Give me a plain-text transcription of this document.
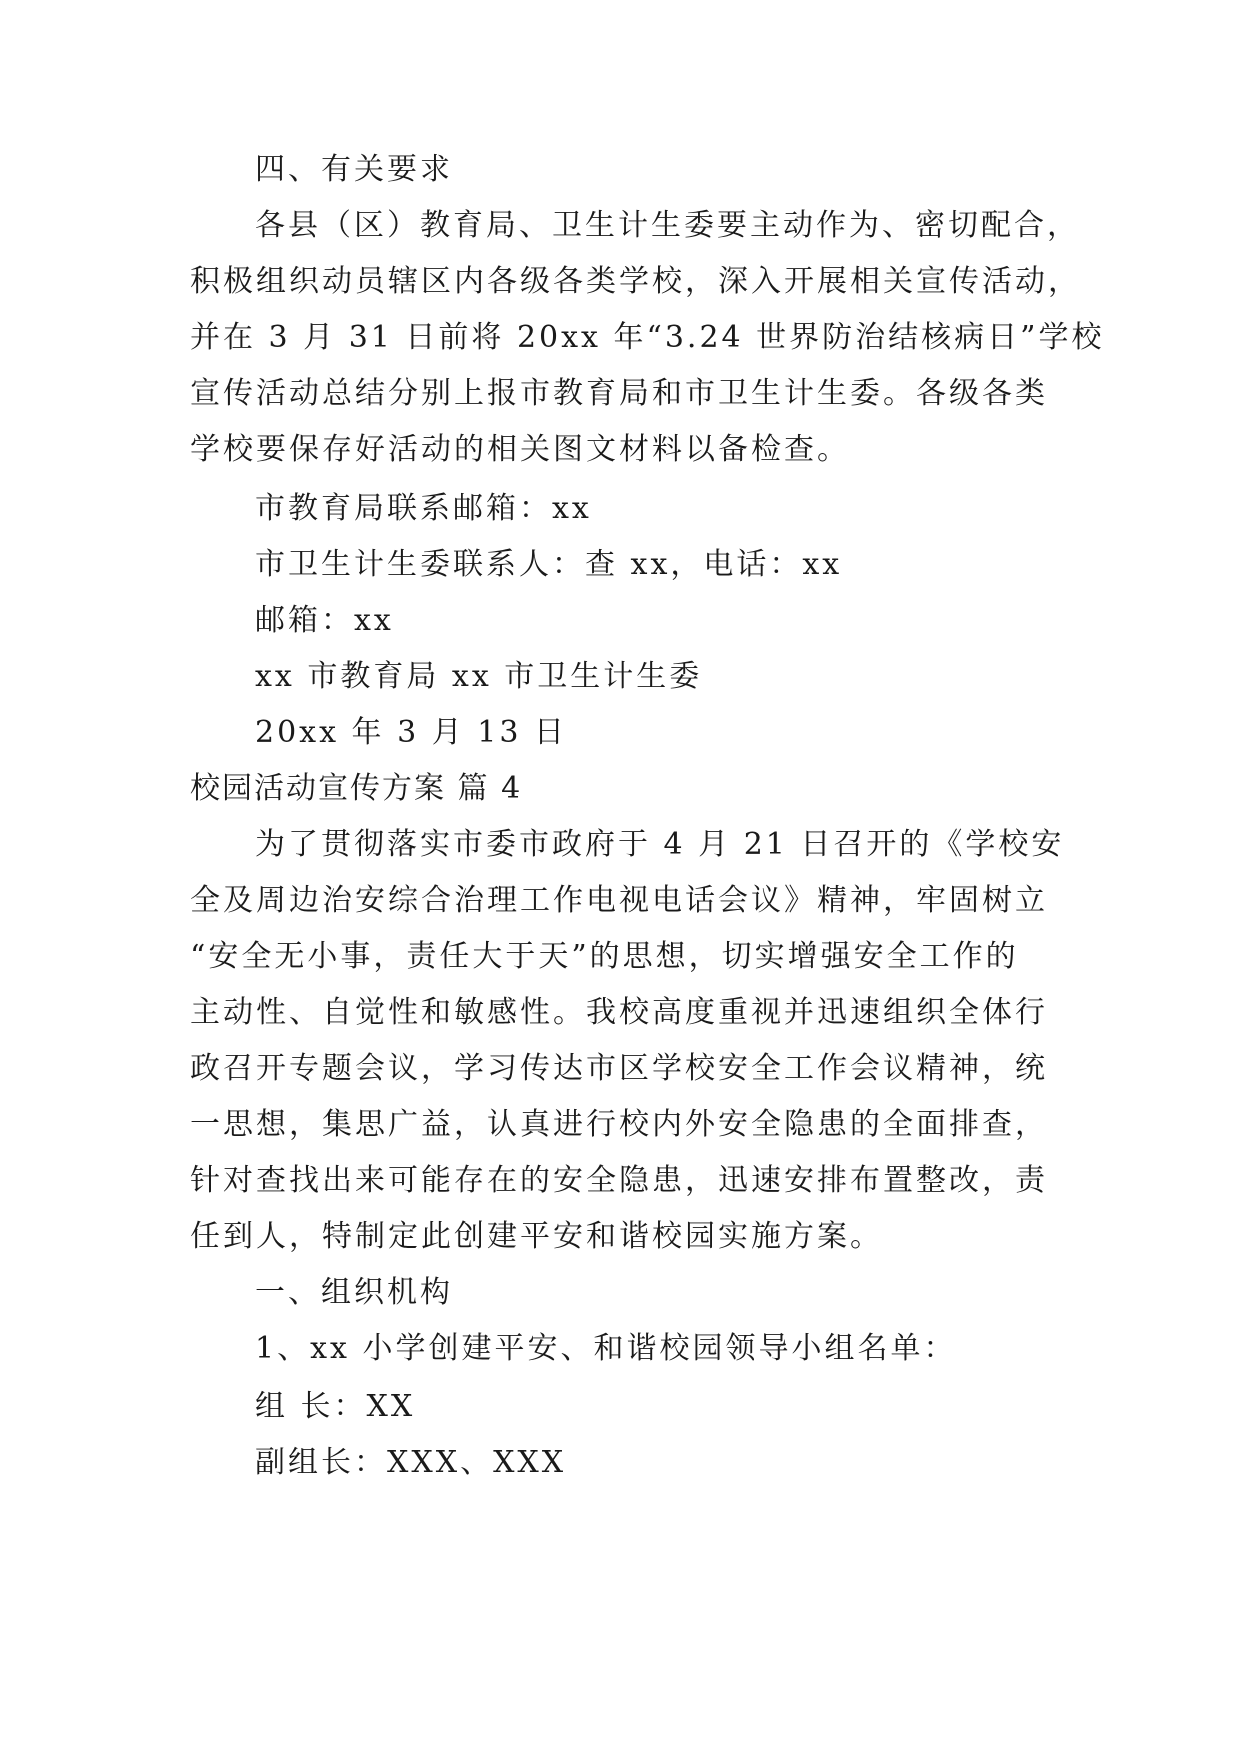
四、有关要求
各县（区）教育局、卫生计生委要主动作为、密切配合，
积极组织动员辖区内各级各类学校，深入开展相关宣传活动，
并在 3 月 31 日前将 20xx 年“3.24 世界防治结核病日”学校
宣传活动总结分别上报市教育局和市卫生计生委。各级各类
学校要保存好活动的相关图文材料以备检查。
市教育局联系邮箱：xx
市卫生计生委联系人：查 xx，电话：xx
邮箱：xx
xx 市教育局 xx 市卫生计生委
20xx 年 3 月 13 日
校园活动宣传方案 篇 4
为了贯彻落实市委市政府于 4 月 21 日召开的《学校安
全及周边治安综合治理工作电视电话会议》精神，牢固树立
“安全无小事，责任大于天”的思想，切实增强安全工作的
主动性、自觉性和敏感性。我校高度重视并迅速组织全体行
政召开专题会议，学习传达市区学校安全工作会议精神，统
一思想，集思广益，认真进行校内外安全隐患的全面排查，
针对查找出来可能存在的安全隐患，迅速安排布置整改，责
任到人，特制定此创建平安和谐校园实施方案。
一、组织机构
1、xx 小学创建平安、和谐校园领导小组名单：
组 长：XX
副组长：XXX、XXX
